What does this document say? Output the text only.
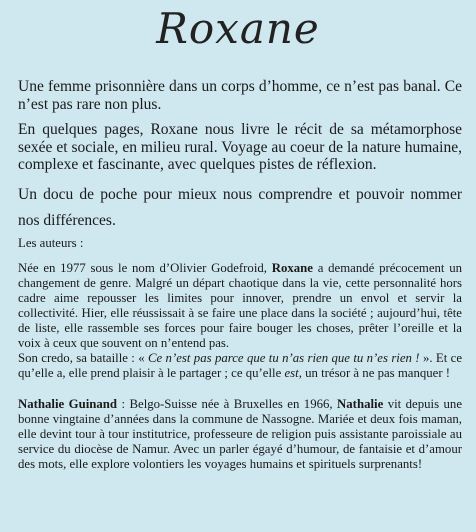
Roxane

Une femme prisonnière dans un corps d’homme, ce n’est pas banal. Ce n’est pas rare non plus.

En quelques pages, Roxane nous livre le récit de sa métamorphose sexée et sociale, en milieu rural. Voyage au coeur de la nature humaine, complexe et fascinante, avec quelques pistes de réflexion.

Un docu de poche pour mieux nous comprendre et pouvoir nommer nos différences.

Les auteurs :

Née en 1977 sous le nom d’Olivier Godefroid, Roxane a demandé précocement un changement de genre. Malgré un départ chaotique dans la vie, cette personnalité hors cadre aime repousser les limites pour innover, prendre un envol et servir la collectivité. Hier, elle réussissait à se faire une place dans la société ; aujourd’hui, tête de liste, elle rassemble ses forces pour faire bouger les choses, prêter l’oreille et la voix à ceux que souvent on n’entend pas.

Son credo, sa bataille : « Ce n’est pas parce que tu n’as rien que tu n’es rien ! ». Et ce qu’elle a, elle prend plaisir à le partager ; ce qu’elle est, un trésor à ne pas manquer !

Nathalie Guinand : Belgo-Suisse née à Bruxelles en 1966, Nathalie vit depuis une bonne vingtaine d’années dans la commune de Nassogne. Mariée et deux fois maman, elle devint tour à tour institutrice, professeure de religion puis assistante paroissiale au service du diocèse de Namur. Avec un parler égayé d’humour, de fantaisie et d’amour des mots, elle explore volontiers les voyages humains et spirituels surprenants!
